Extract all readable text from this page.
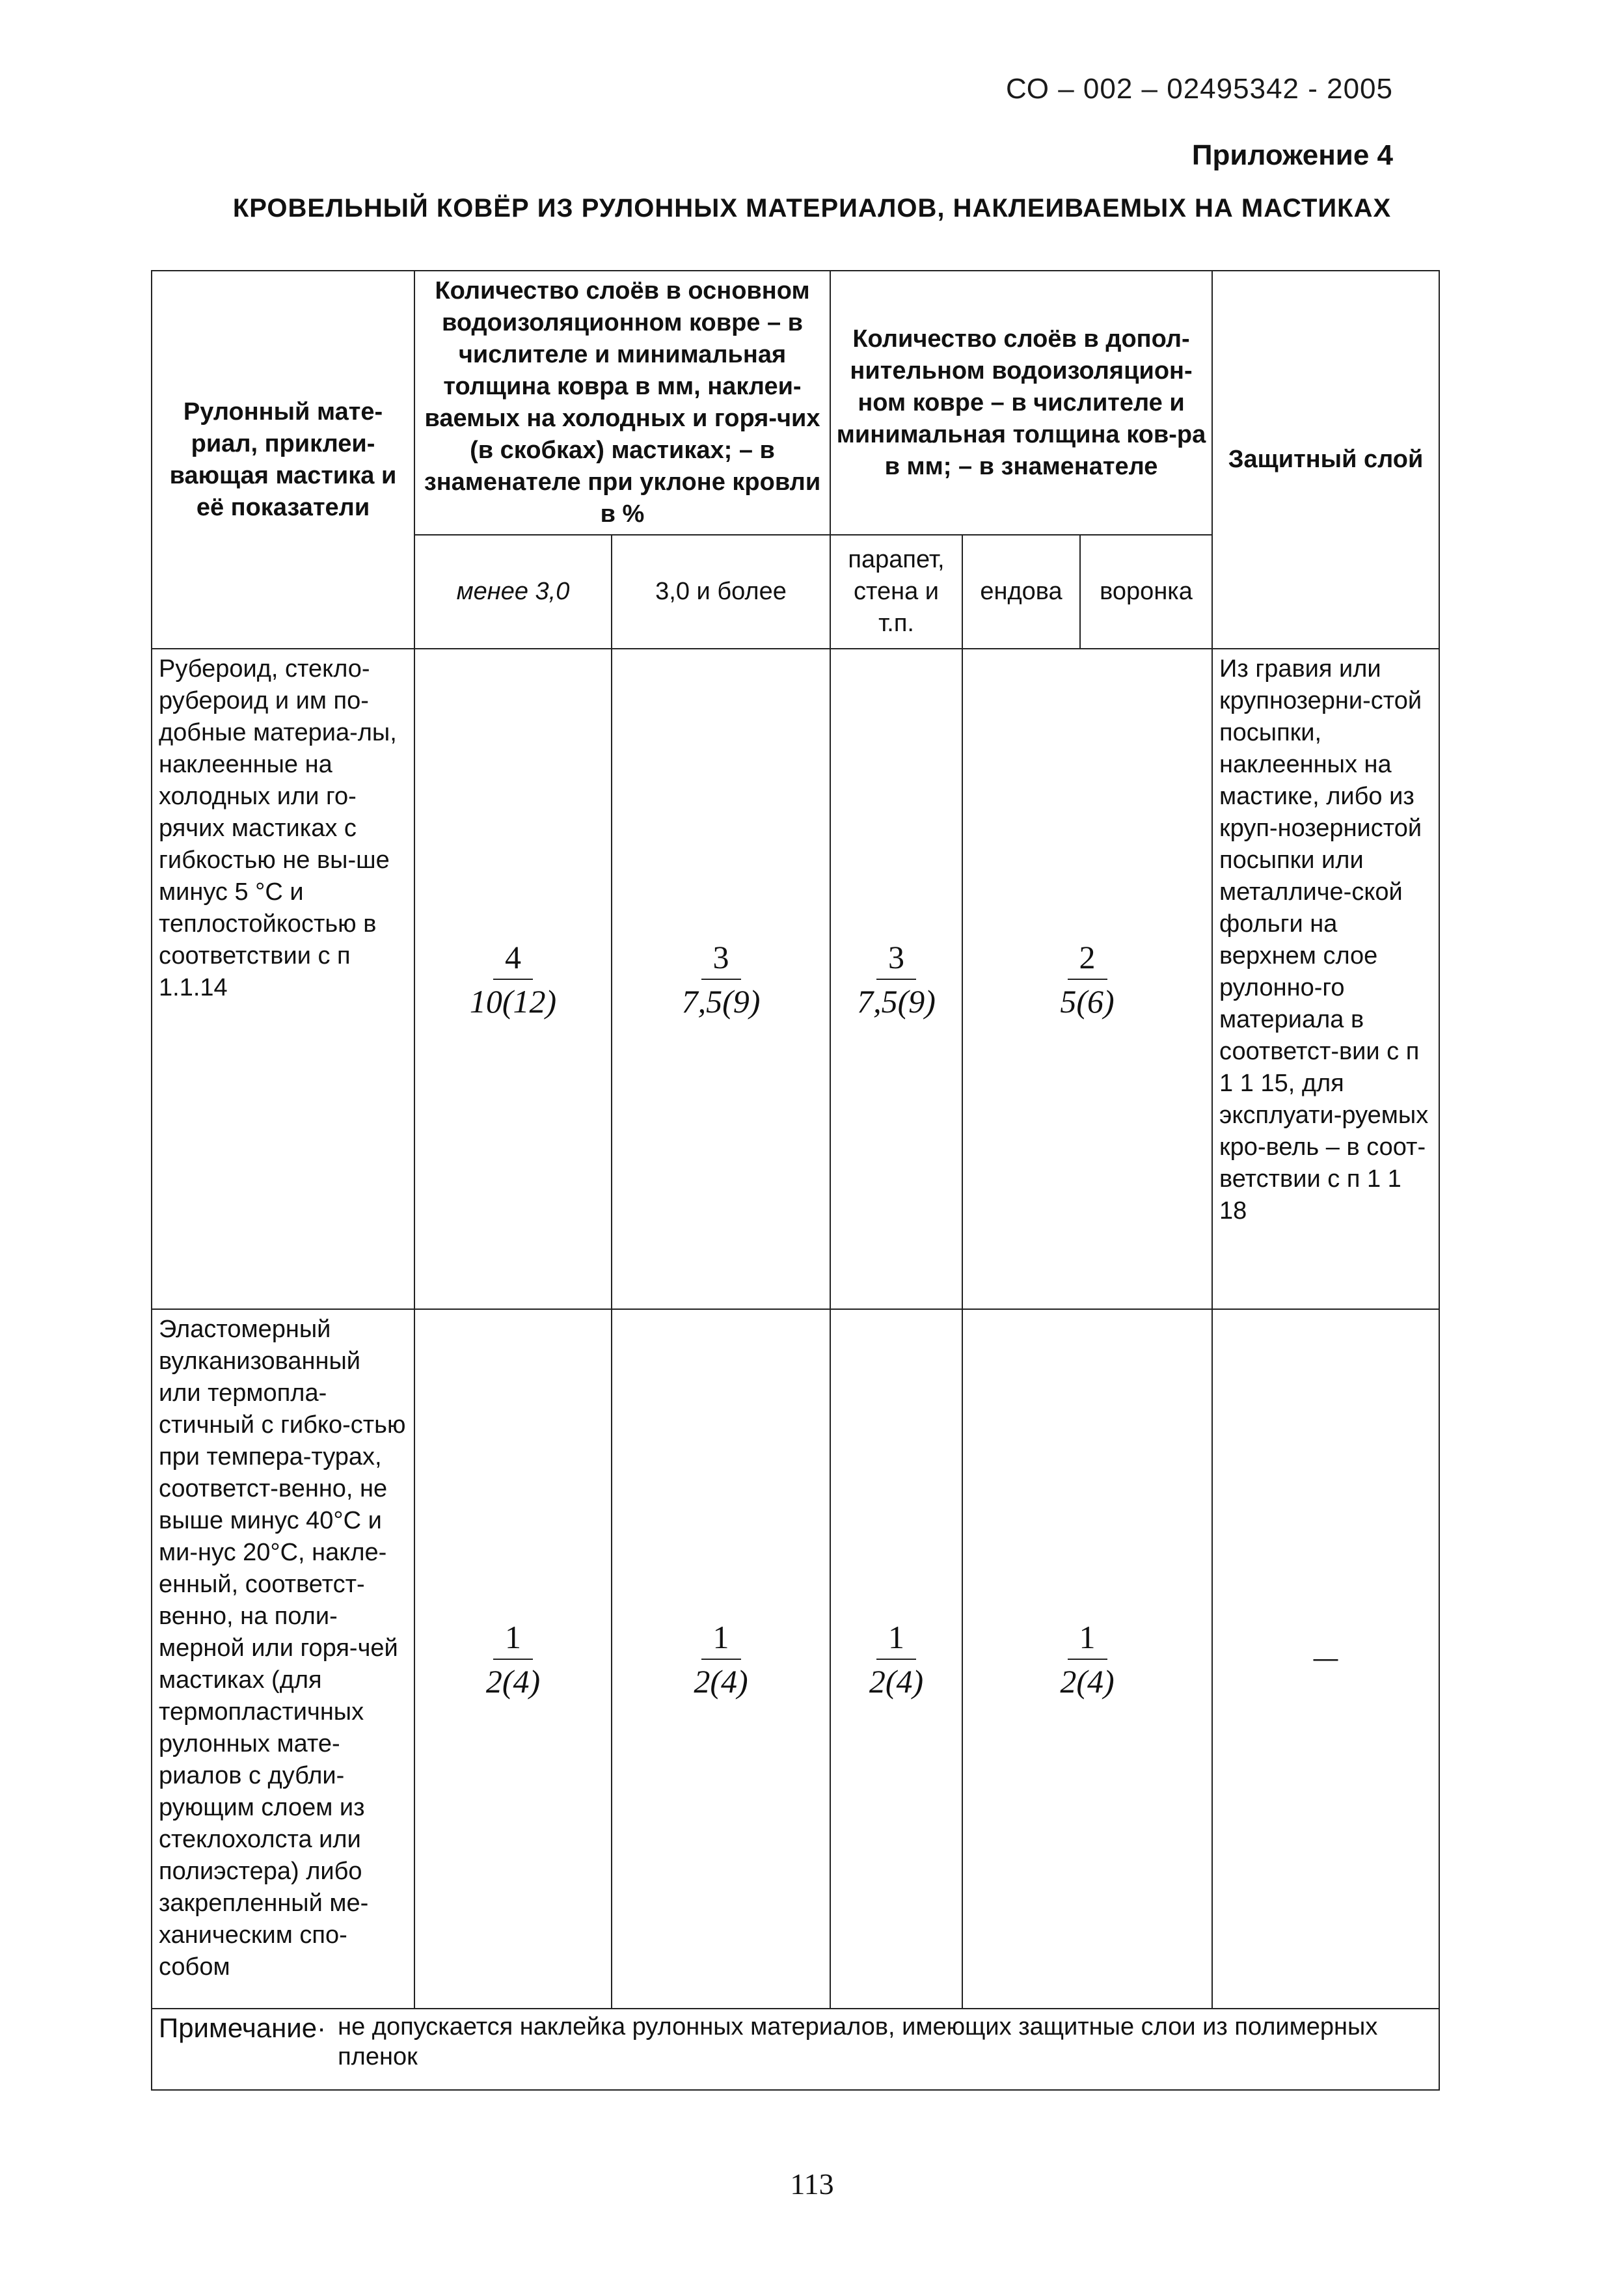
СО – 002 – 02495342 - 2005
Приложение 4
КРОВЕЛЬНЫЙ КОВЁР ИЗ РУЛОННЫХ МАТЕРИАЛОВ, НАКЛЕИВАЕМЫХ НА МАСТИКАХ
Рулонный мате-риал, приклеи-вающая мастика и её показатели	Количество слоёв в основном водоизоляционном ковре – в числителе и минимальная толщина ковра в мм, наклеи-ваемых на холодных и горя-чих (в скобках) мастиках; – в знаменателе при уклоне кровли в %		Количество слоёв в допол-нительном водоизоляцион-ном ковре – в числителе и минимальная толщина ков-ра в мм; – в знаменателе			Защитный слой
	менее 3,0	3,0 и более	парапет, стена и т.п.	ендова	воронка	
Рубероид, стекло-рубероид и им по-добные материа-лы, наклеенные на холодных или го-рячих мастиках с гибкостью не вы-ше минус 5 °С и теплостойкостью в соответствии с п 1.1.14	$\frac{4}{10(12)}$	$\frac{3}{7,5(9)}$	$\frac{3}{7,5(9)}$	$\frac{2}{5(6)}$		Из гравия или крупнозерни-стой посыпки, наклеенных на мастике, либо из круп-нозернистой посыпки или металличе-ской фольги на верхнем слое рулонно-го материала в соответст-вии с п 1 1 15, для эксплуати-руемых кро-вель – в соот-ветствии с п 1 1 18
Эластомерный вулканизованный или термопла-стичный с гибко-стью при темпера-турах, соответст-венно, не выше минус 40°С и ми-нус 20°С, накле-енный, соответст-венно, на поли-мерной или горя-чей мастиках (для термопластичных рулонных мате-риалов с дубли-рующим слоем из стеклохолста или полиэстера) либо закрепленный ме-ханическим спо-собом	$\frac{1}{2(4)}$	$\frac{1}{2(4)}$	$\frac{1}{2(4)}$	$\frac{1}{2(4)}$		—

Примечание· не допускается наклейка рулонных материалов, имеющих защитные слои из полимерных пленок						
113
